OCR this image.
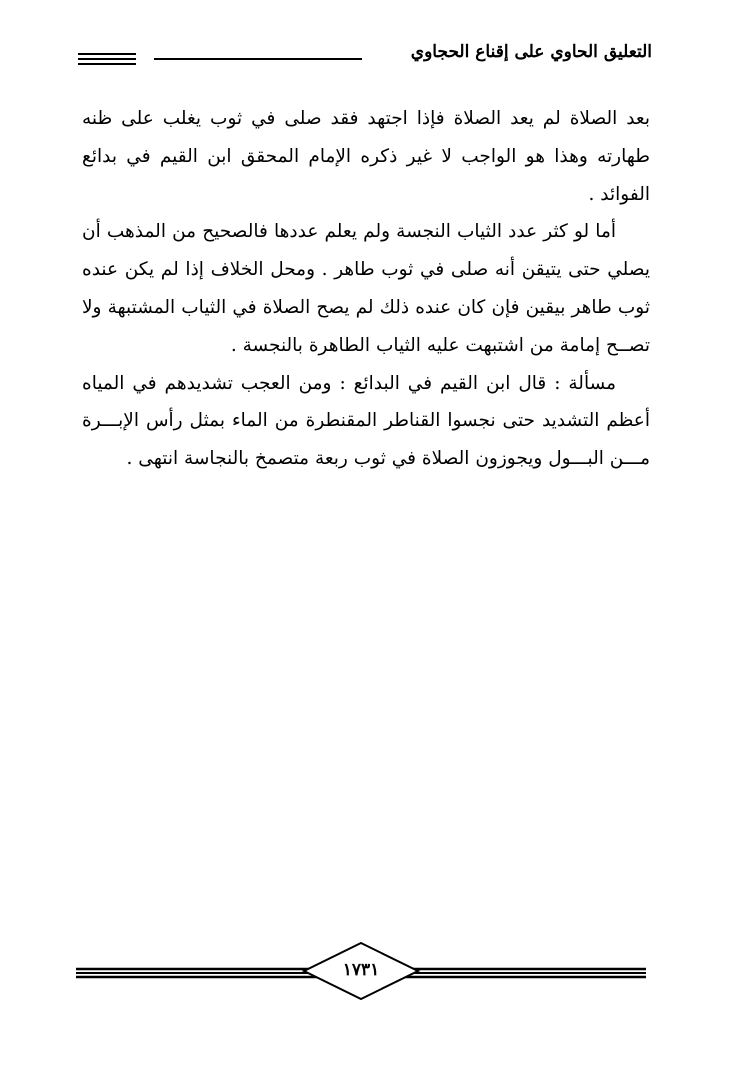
التعليق الحاوي على إقناع الحجاوي

بعد الصلاة لم يعد الصلاة فإذا اجتهد فقد صلى في ثوب يغلب على ظنه طهارته وهذا هو الواجب لا غير ذكره الإمام المحقق ابن القيم في بدائع الفوائد .

أما لو كثر عدد الثياب النجسة ولم يعلم عددها فالصحيح من المذهب أن يصلي حتى يتيقن أنه صلى في ثوب طاهر . ومحل الخلاف إذا لم يكن عنده ثوب طاهر بيقين فإن كان عنده ذلك لم يصح الصلاة في الثياب المشتبهة ولا تصــح إمامة من اشتبهت عليه الثياب الطاهرة بالنجسة .

مسألة : قال ابن القيم في البدائع : ومن العجب تشديدهم في المياه أعظم التشديد حتى نجسوا القناطر المقنطرة من الماء بمثل رأس الإبـــرة مـــن البـــول ويجوزون الصلاة في ثوب ربعة متصمخ بالنجاسة انتهى .

١٧٣١
